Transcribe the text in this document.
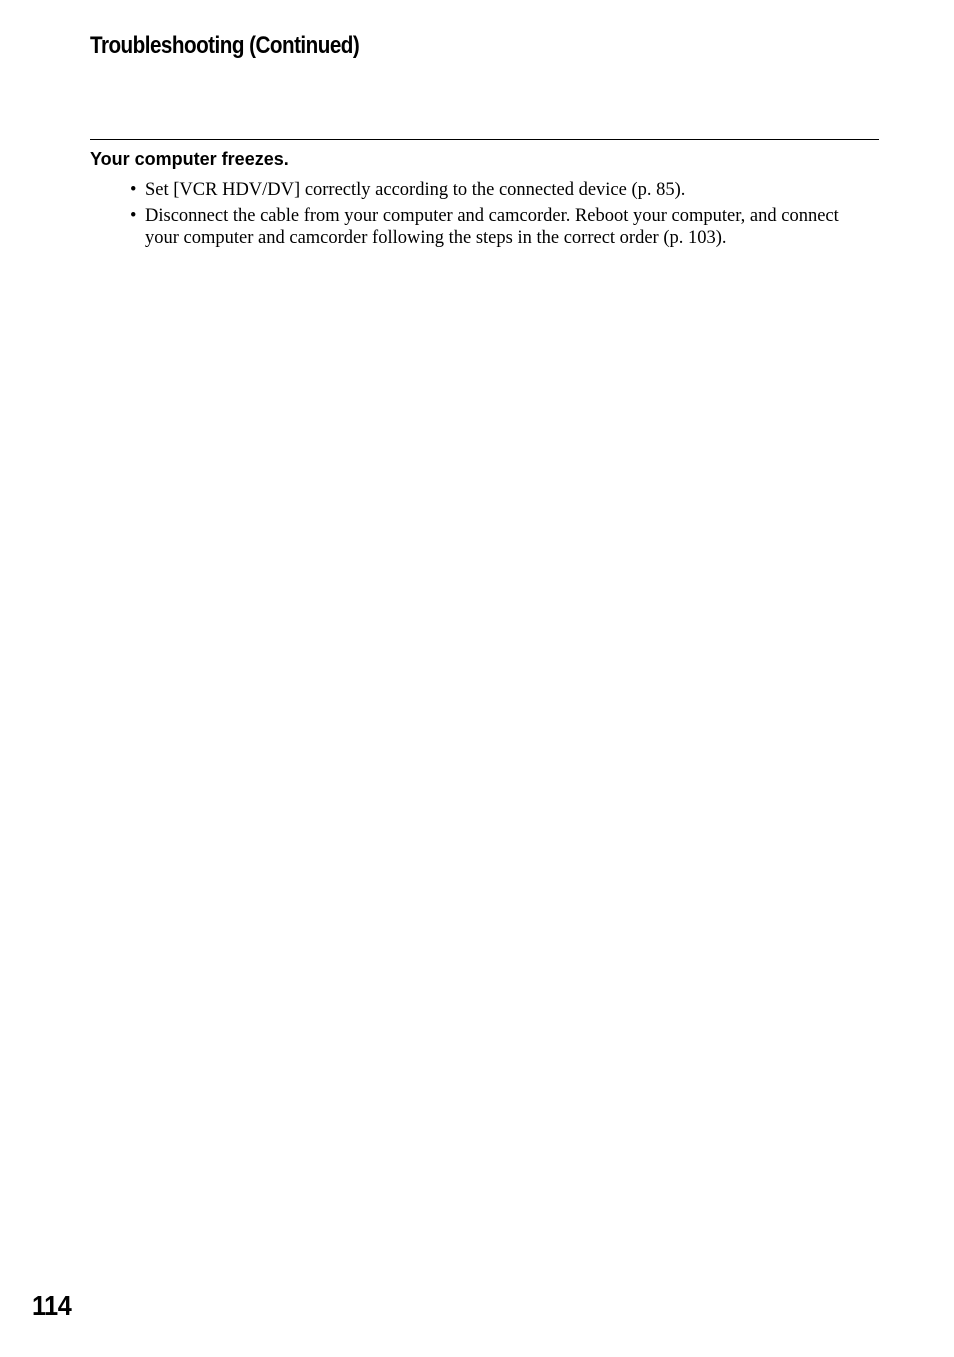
Troubleshooting (Continued)
Your computer freezes.
• Set [VCR HDV/DV] correctly according to the connected device (p. 85).
• Disconnect the cable from your computer and camcorder. Reboot your computer, and connect your computer and camcorder following the steps in the correct order (p. 103).
114
